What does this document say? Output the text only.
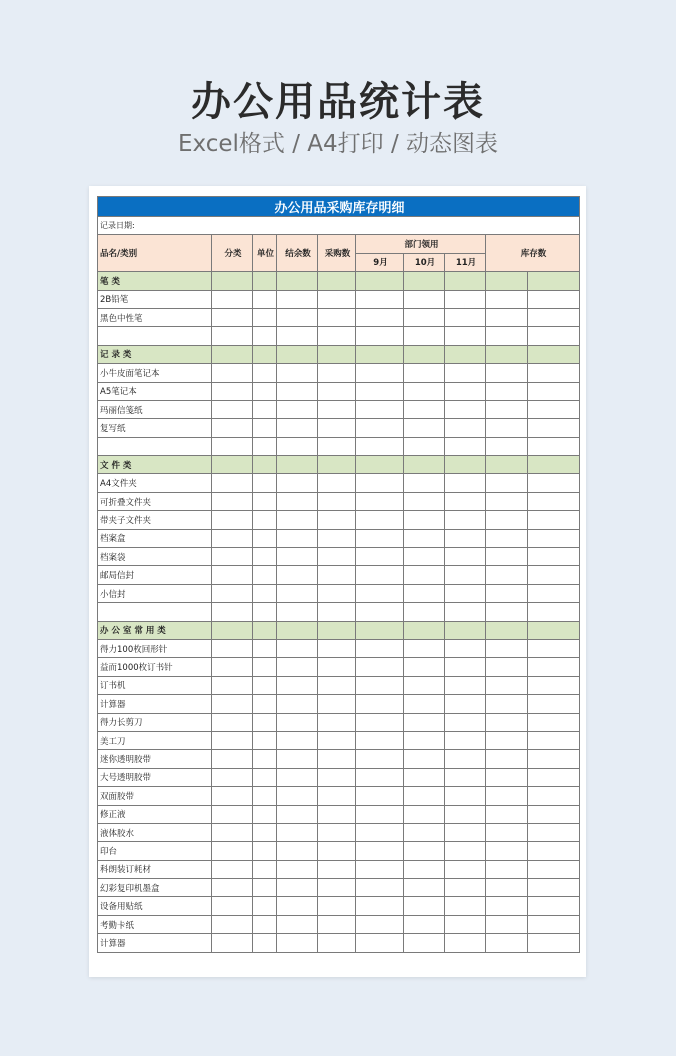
办公用品统计表
Excel格式 / A4打印 / 动态图表
办公用品采购库存明细									
记录日期:									
品名/类别	分类	单位	结余数	采购数	部门领用			库存数	
					9月	10月	11月		
笔 类									
2B铅笔									
黑色中性笔									

记 录 类									
小牛皮面笔记本									
A5笔记本									
玛丽信笺纸									
复写纸									

文 件 类									
A4文件夹									
可折叠文件夹									
带夹子文件夹									
档案盒									
档案袋									
邮局信封									
小信封									

办 公 室 常 用 类									
得力100枚回形针									
益而1000枚订书针									
订书机									
计算器									
得力长剪刀									
美工刀									
迷你透明胶带									
大号透明胶带									
双面胶带									
修正液									
液体胶水									
印台									
科朗装订耗材									
幻彩复印机墨盒									
设备用贴纸									
考勤卡纸									
计算器									
